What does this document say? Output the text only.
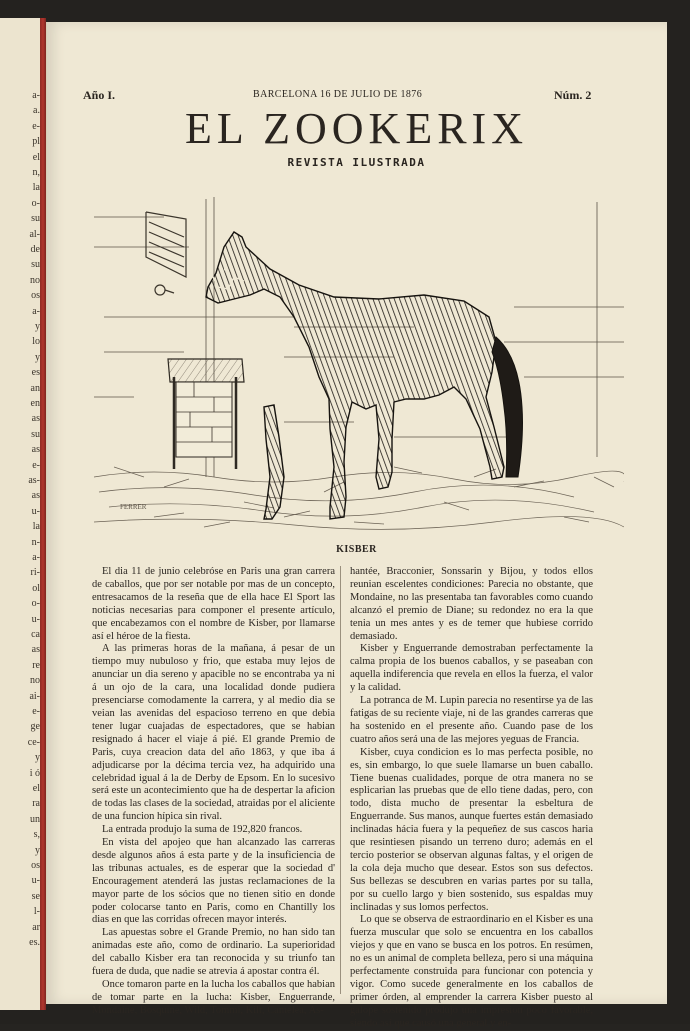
a-
a.
e-
pl
el
n,
la
o-
su
al-
de
su
no
os
a-
y
lo
y
es
an
en
as
su
as
e-
as-
as
u-
la
n-
a-
ri-
ol
o-
u-
ca
as
re
no
ai-
e-
ge
ce-
y
i ó
el
ra
un
s,
y
os
u-
se
l-
ar
es.
Año I.	BARCELONA 16 DE JULIO DE 1876	Núm. 2
EL ZOOKERIX
REVISTA ILUSTRADA
FERRER
KISBER

El dia 11 de junio celebróse en Paris una gran carrera de caballos, que por ser notable por mas de un concepto, entresacamos de la reseña que de ella hace El Sport las noticias necesarias para componer el presente artículo, que encabezamos con el nombre de Kisber, por llamarse así el héroe de la fiesta.

A las primeras horas de la mañana, á pesar de un tiempo muy nubuloso y frio, que estaba muy lejos de anunciar un dia sereno y apacible no se encontraba ya ni á un ojo de la cara, una localidad donde pudiera presenciarse comodamente la carrera, y al medio dia se veian las avenidas del espacioso terreno en que debia tener lugar cuajadas de espectadores, que se habian resignado á hacer el viaje á pié. El grande Premio de Paris, cuya creacion data del año 1863, y que iba á adjudicarse por la décima tercia vez, ha adquirido una celebridad igual á la de Derby de Epsom. En lo sucesivo será este un acontecimiento que ha de despertar la aficion de todas las clases de la sociedad, atraidas por el aliciente de una funcion hípica sin rival.

La entrada produjo la suma de 192,820 francos.

En vista del apojeo que han alcanzado las carreras desde algunos años á esta parte y de la insuficiencia de las tribunas actuales, es de esperar que la sociedad d' Encouragement atenderá las justas reclamaciones de la mayor parte de los sócios que no tienen sitio en donde poder colocarse tanto en Paris, como en Chantilly los dias en que las corridas ofrecen mayor interés.

Las apuestas sobre el Grande Premio, no han sido tan animadas este año, como de ordinario. La superioridad del caballo Kisber era tan reconocida y su triunfo tan fuera de duda, que nadie se atrevia á apostar contra él.

Once tomaron parte en la lucha los caballos que habian de tomar parte en la lucha: Kisber, Enguerrande, Mondaine, Bosquine, Wild, Tommi, Kilt, Caméléa, As-

hantée, Bracconier, Sonssarin y Bijou, y todos ellos reunian escelentes condiciones: Parecia no obstante, que Mondaine, no las presentaba tan favorables como cuando alcanzó el premio de Diane; su redondez no era la que tenia un mes antes y es de temer que hubiese corrido demasiado.

Kisber y Enguerrande demostraban perfectamente la calma propia de los buenos caballos, y se paseaban con aquella indiferencia que revela en ellos la fuerza, el valor y la calidad.

La potranca de M. Lupin parecia no resentirse ya de las fatigas de su reciente viaje, ni de las grandes carreras que ha sostenido en el presente año. Cuando pase de los cuatro años será una de las mejores yeguas de Francia.

Kisber, cuya condicion es lo mas perfecta posible, no es, sin embargo, lo que suele llamarse un buen caballo. Tiene buenas cualidades, porque de otra manera no se esplicarian las pruebas que de ello tiene dadas, pero, con todo, dista mucho de presentar la esbeltura de Enguerrande. Sus manos, aunque fuertes están demasiado inclinadas hácia fuera y la pequeñez de sus cascos haria que resintiesen pisando un terreno duro; además en el tercio posterior se observan algunas faltas, y el origen de la cola deja mucho que desear. Estos son sus defectos. Sus bellezas se descubren en varias partes por su talla, por su cuello largo y bien sostenido, sus espaldas muy inclinadas y sus lomos perfectos.

Lo que se observa de estraordinario en el Kisber es una fuerza muscular que solo se encuentra en los caballos viejos y que en vano se busca en los potros. En resúmen, no es un animal de completa belleza, pero si una máquina perfectamente construida para funcionar con potencia y vigor. Como sucede generalmente en los caballos de primer órden, al emprender la carrera Kisber puesto al galope sostenido produjo una impresion poco favorable, siendo así que causó una general y en-
